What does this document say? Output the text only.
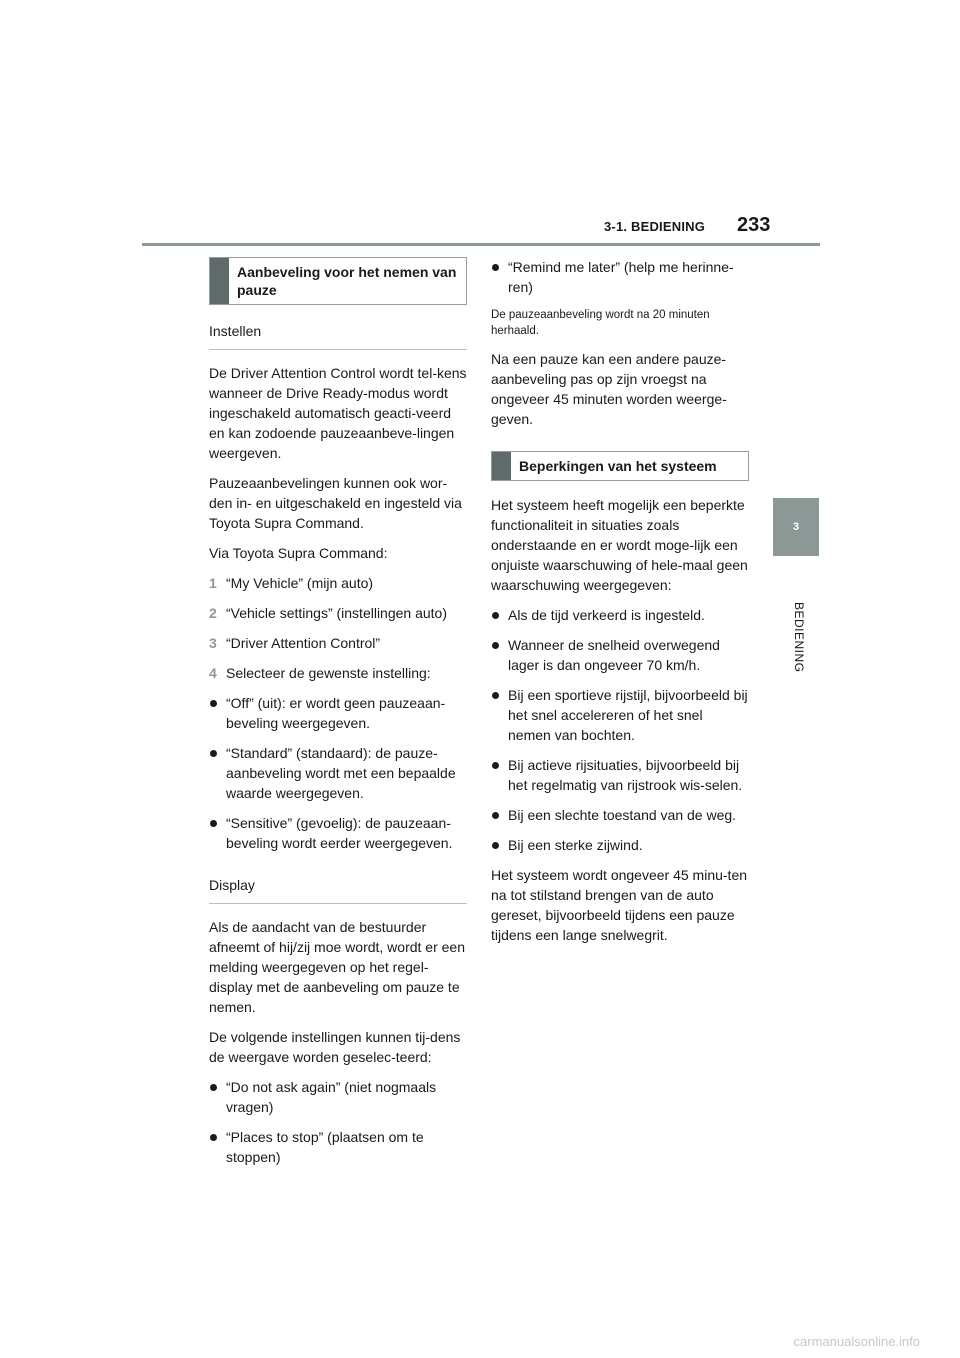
3-1. BEDIENING 233
3
BEDIENING
Aanbeveling voor het nemen van pauze
Instellen

De Driver Attention Control wordt tel-kens wanneer de Drive Ready-modus wordt ingeschakeld automatisch geacti-veerd en kan zodoende pauzeaanbeve-lingen weergeven.

Pauzeaanbevelingen kunnen ook wor-den in- en uitgeschakeld en ingesteld via Toyota Supra Command.

Via Toyota Supra Command:

1 “My Vehicle” (mijn auto)
2 “Vehicle settings” (instellingen auto)
3 “Driver Attention Control”
4 Selecteer de gewenste instelling:
“Off” (uit): er wordt geen pauzeaan-beveling weergegeven.
“Standard” (standaard): de pauze-aanbeveling wordt met een bepaalde waarde weergegeven.
“Sensitive” (gevoelig): de pauzeaan-beveling wordt eerder weergegeven.
Display

Als de aandacht van de bestuurder afneemt of hij/zij moe wordt, wordt er een melding weergegeven op het regel-display met de aanbeveling om pauze te nemen.

De volgende instellingen kunnen tij-dens de weergave worden geselec-teerd:

“Do not ask again” (niet nogmaals vragen)
“Places to stop” (plaatsen om te stoppen)
“Remind me later” (help me herinne-ren)

De pauzeaanbeveling wordt na 20 minuten herhaald.

Na een pauze kan een andere pauze-aanbeveling pas op zijn vroegst na ongeveer 45 minuten worden weerge-geven.

Beperkingen van het systeem

Het systeem heeft mogelijk een beperkte functionaliteit in situaties zoals onderstaande en er wordt moge-lijk een onjuiste waarschuwing of hele-maal geen waarschuwing weergegeven:

Als de tijd verkeerd is ingesteld.
Wanneer de snelheid overwegend lager is dan ongeveer 70 km/h.
Bij een sportieve rijstijl, bijvoorbeeld bij het snel accelereren of het snel nemen van bochten.
Bij actieve rijsituaties, bijvoorbeeld bij het regelmatig van rijstrook wis-selen.
Bij een slechte toestand van de weg.
Bij een sterke zijwind.

Het systeem wordt ongeveer 45 minu-ten na tot stilstand brengen van de auto gereset, bijvoorbeeld tijdens een pauze tijdens een lange snelwegrit.

carmanualsonline.info
